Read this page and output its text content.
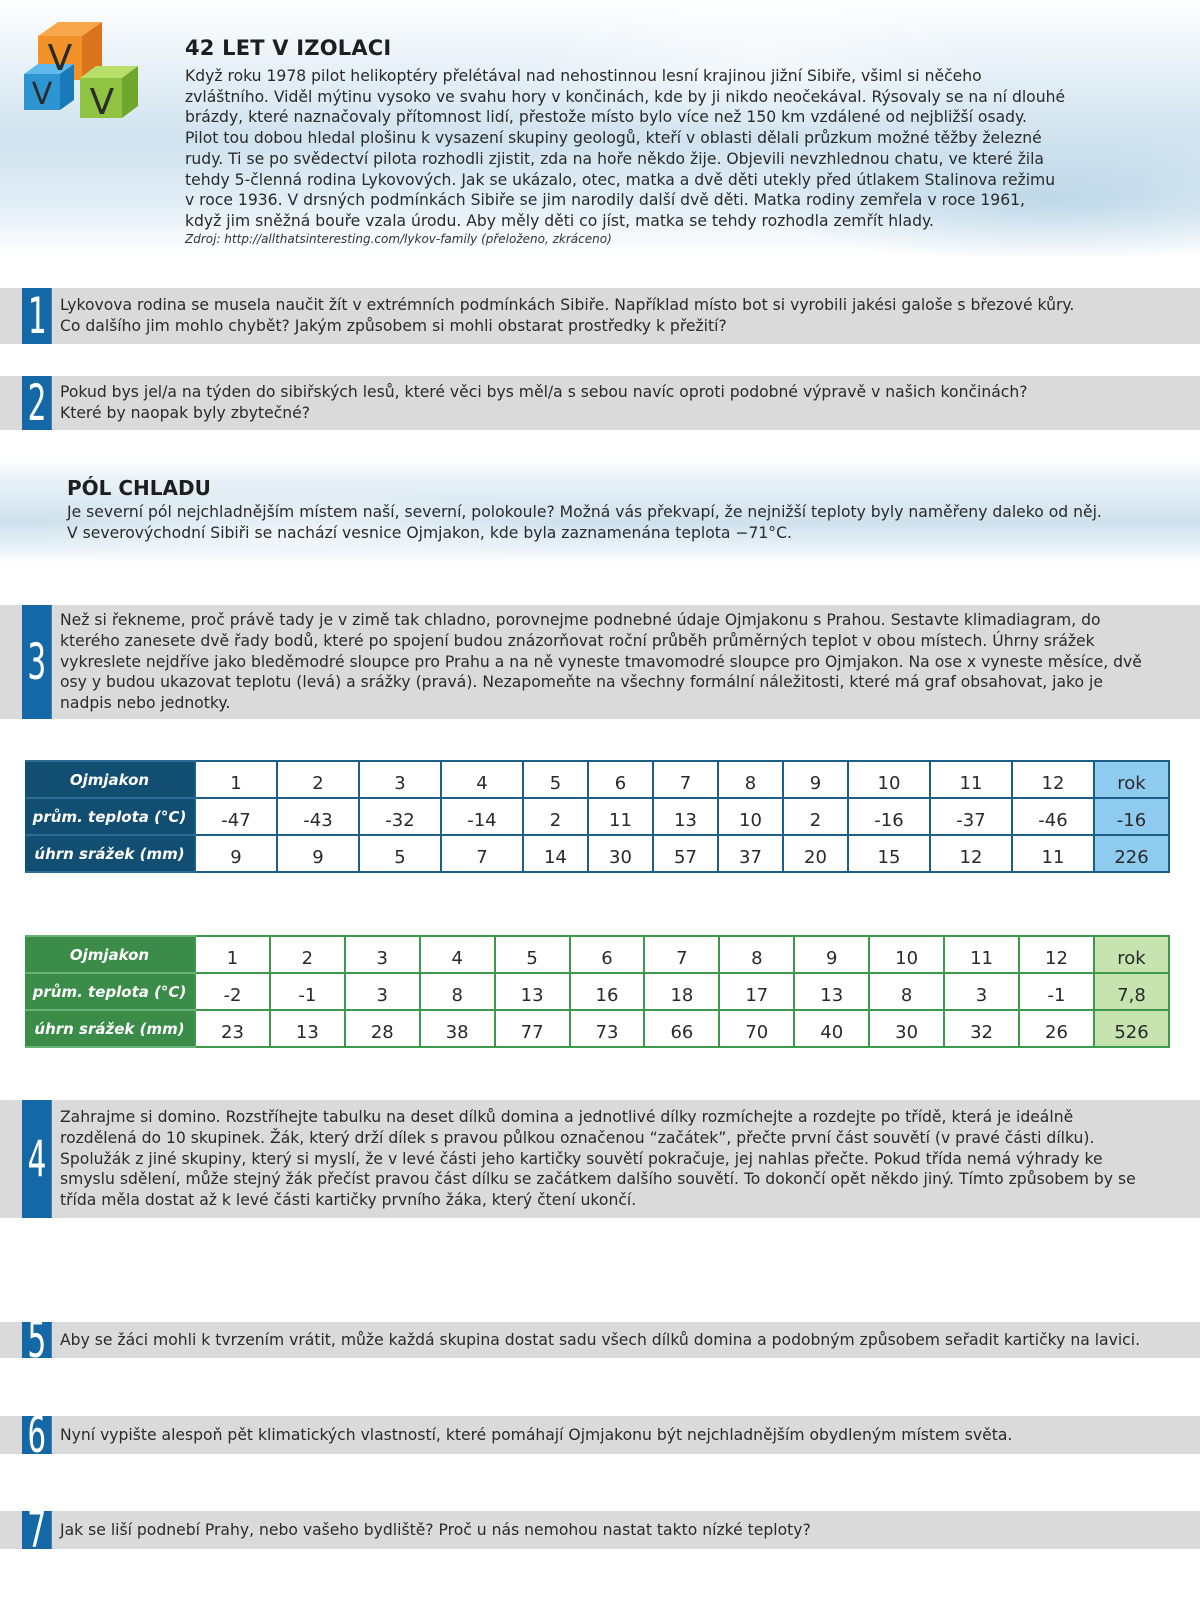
V
V V
42 LET V IZOLACI
Když roku 1978 pilot helikoptéry přelétával nad nehostinnou lesní krajinou jižní Sibiře, všiml si něčeho
zvláštního. Viděl mýtinu vysoko ve svahu hory v končinách, kde by ji nikdo neočekával. Rýsovaly se na ní dlouhé
brázdy, které naznačovaly přítomnost lidí, přestože místo bylo více než 150 km vzdálené od nejbližší osady.
Pilot tou dobou hledal plošinu k vysazení skupiny geologů, kteří v oblasti dělali průzkum možné těžby železné
rudy. Ti se po svědectví pilota rozhodli zjistit, zda na hoře někdo žije. Objevili nevzhlednou chatu, ve které žila
tehdy 5-členná rodina Lykovových. Jak se ukázalo, otec, matka a dvě děti utekly před útlakem Stalinova režimu
v roce 1936. V drsných podmínkách Sibiře se jim narodily další dvě děti. Matka rodiny zemřela v roce 1961,
když jim sněžná bouře vzala úrodu. Aby měly děti co jíst, matka se tehdy rozhodla zemřít hlady.
Zdroj: http://allthatsinteresting.com/lykov-family (přeloženo, zkráceno)
1 Lykovova rodina se musela naučit žít v extrémních podmínkách Sibiře. Například místo bot si vyrobili jakési galoše s březové kůry.
Co dalšího jim mohlo chybět? Jakým způsobem si mohli obstarat prostředky k přežití?
2 Pokud bys jel/a na týden do sibiřských lesů, které věci bys měl/a s sebou navíc oproti podobné výpravě v našich končinách?
Které by naopak byly zbytečné?
PÓL CHLADU
Je severní pól nejchladnějším místem naší, severní, polokoule? Možná vás překvapí, že nejnižší teploty byly naměřeny daleko od něj.
V severovýchodní Sibiři se nachází vesnice Ojmjakon, kde byla zaznamenána teplota −71°C.
3
Než si řekneme, proč právě tady je v zimě tak chladno, porovnejme podnebné údaje Ojmjakonu s Prahou. Sestavte klimadiagram, do
kterého zanesete dvě řady bodů, které po spojení budou znázorňovat roční průběh průměrných teplot v obou místech. Úhrny srážek
vykreslete nejdříve jako bleděmodré sloupce pro Prahu a na ně vyneste tmavomodré sloupce pro Ojmjakon. Na ose x vyneste měsíce, dvě
osy y budou ukazovat teplotu (levá) a srážky (pravá). Nezapomeňte na všechny formální náležitosti, které má graf obsahovat, jako je
nadpis nebo jednotky.
Ojmjakon	1	2	3	4	5	6	7	8	9	10	11	12	rok
prům. teplota (°C)	-47	-43	-32	-14	2	11	13	10	2	-16	-37	-46	-16
úhrn srážek (mm)	9	9	5	7	14	30	57	37	20	15	12	11	226
Ojmjakon	1	2	3	4	5	6	7	8	9	10	11	12	rok
prům. teplota (°C)	-2	-1	3	8	13	16	18	17	13	8	3	-1	7,8
úhrn srážek (mm)	23	13	28	38	77	73	66	70	40	30	32	26	526
4
Zahrajme si domino. Rozstříhejte tabulku na deset dílků domina a jednotlivé dílky rozmíchejte a rozdejte po třídě, která je ideálně
rozdělená do 10 skupinek. Žák, který drží dílek s pravou půlkou označenou “začátek”, přečte první část souvětí (v pravé části dílku).
Spolužák z jiné skupiny, který si myslí, že v levé části jeho kartičky souvětí pokračuje, jej nahlas přečte. Pokud třída nemá výhrady ke
smyslu sdělení, může stejný žák přečíst pravou část dílku se začátkem dalšího souvětí. To dokončí opět někdo jiný. Tímto způsobem by se
třída měla dostat až k levé části kartičky prvního žáka, který čtení ukončí.
5 Aby se žáci mohli k tvrzením vrátit, může každá skupina dostat sadu všech dílků domina a podobným způsobem seřadit kartičky na lavici.
6 Nyní vypište alespoň pět klimatických vlastností, které pomáhají Ojmjakonu být nejchladnějším obydleným místem světa.
7 Jak se liší podnebí Prahy, nebo vašeho bydliště? Proč u nás nemohou nastat takto nízké teploty?
